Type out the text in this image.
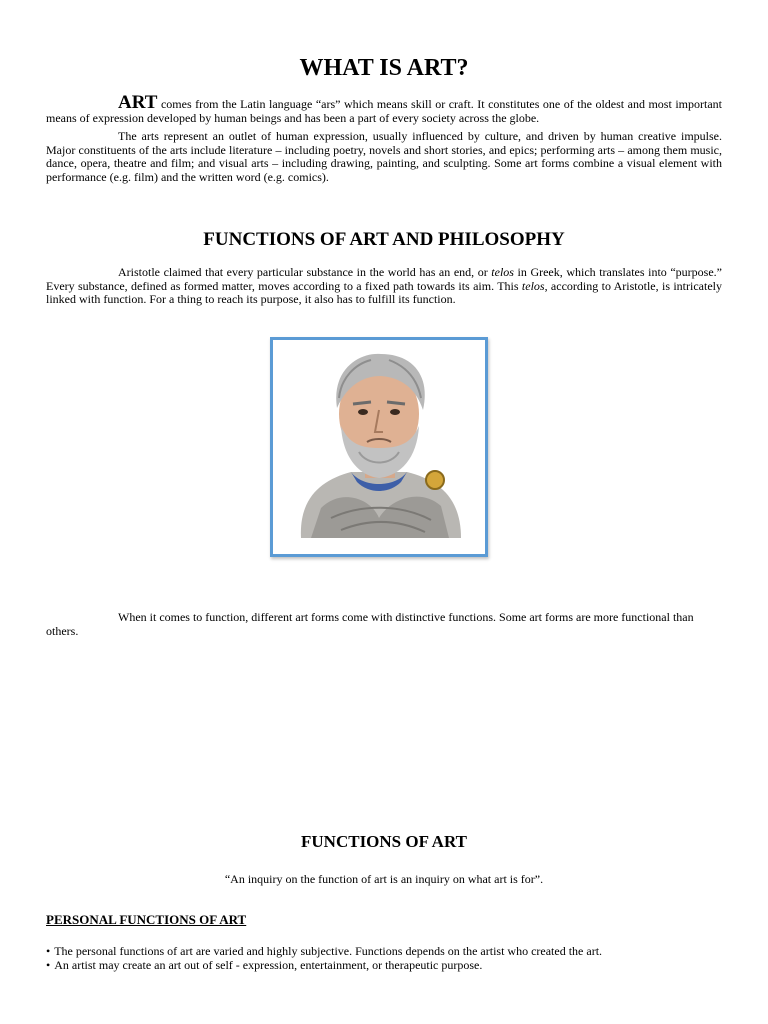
WHAT IS ART?

ART comes from the Latin language “ars” which means skill or craft. It constitutes one of the oldest and most important means of expression developed by human beings and has been a part of every society across the globe.

The arts represent an outlet of human expression, usually influenced by culture, and driven by human creative impulse. Major constituents of the arts include literature – including poetry, novels and short stories, and epics; performing arts – among them music, dance, opera, theatre and film; and visual arts – including drawing, painting, and sculpting. Some art forms combine a visual element with performance (e.g. film) and the written word (e.g. comics).

FUNCTIONS OF ART AND PHILOSOPHY

Aristotle claimed that every particular substance in the world has an end, or telos in Greek, which translates into “purpose.” Every substance, defined as formed matter, moves according to a fixed path towards its aim. This telos, according to Aristotle, is intricately linked with function. For a thing to reach its purpose, it also has to fulfill its function.

When it comes to function, different art forms come with distinctive functions. Some art forms are more functional than others.

FUNCTIONS OF ART

“An inquiry on the function of art is an inquiry on what art is for”.

PERSONAL FUNCTIONS OF ART

• The personal functions of art are varied and highly subjective. Functions depends on the artist who created the art.
• An artist may create an art out of self - expression, entertainment, or therapeutic purpose.
